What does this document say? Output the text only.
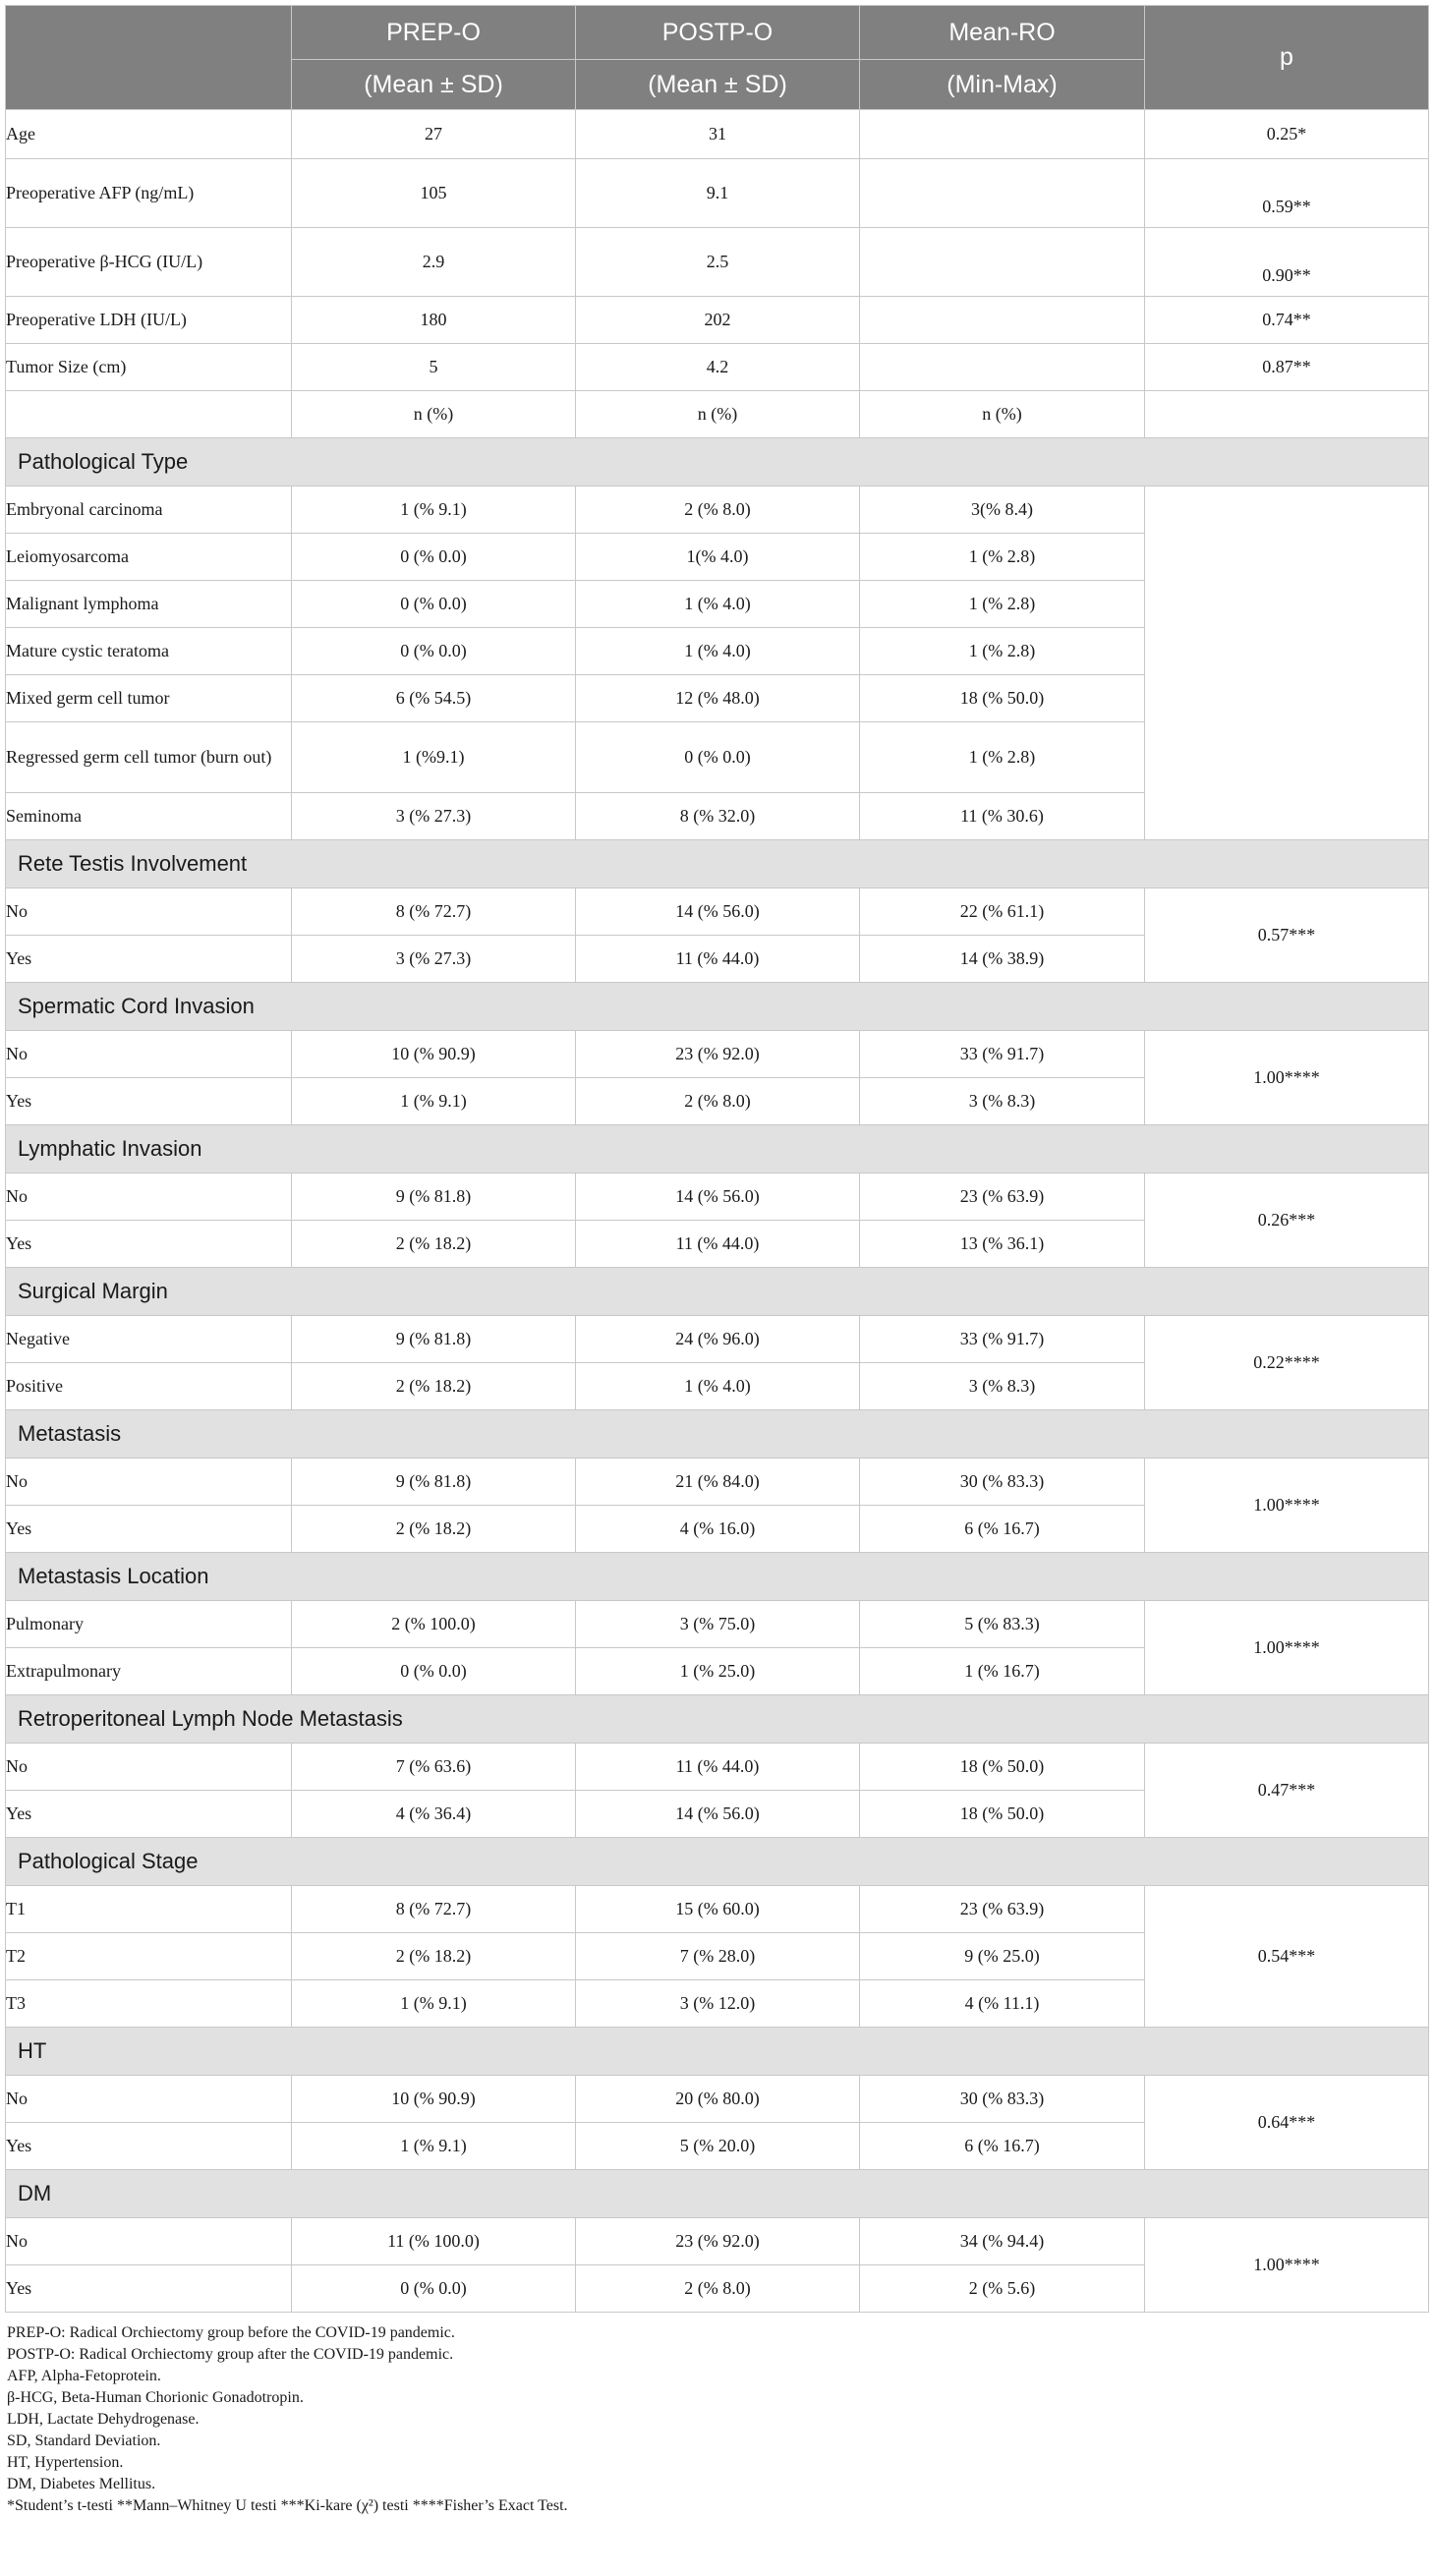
	PREP-O	POSTP-O	Mean-RO	p
	(Mean ± SD)	(Mean ± SD)	(Min-Max)	
Age	27	31		0.25*
Preoperative AFP (ng/mL)	105	9.1		0.59**
Preoperative β-HCG (IU/L)	2.9	2.5		0.90**
Preoperative LDH (IU/L)	180	202		0.74**
Tumor Size (cm)	5	4.2		0.87**
	n (%)	n (%)	n (%)	
Pathological Type				
Embryonal carcinoma	1 (% 9.1)	2 (% 8.0)	3(% 8.4)	
Leiomyosarcoma	0 (% 0.0)	1(% 4.0)	1 (% 2.8)	
Malignant lymphoma	0 (% 0.0)	1 (% 4.0)	1 (% 2.8)	
Mature cystic teratoma	0 (% 0.0)	1 (% 4.0)	1 (% 2.8)	
Mixed germ cell tumor	6 (% 54.5)	12 (% 48.0)	18 (% 50.0)	
Regressed germ cell tumor (burn out)	1 (%9.1)	0 (% 0.0)	1 (% 2.8)	
Seminoma	3 (% 27.3)	8 (% 32.0)	11 (% 30.6)	
Rete Testis Involvement				
No	8 (% 72.7)	14 (% 56.0)	22 (% 61.1)	0.57***
Yes	3 (% 27.3)	11 (% 44.0)	14 (% 38.9)	
Spermatic Cord Invasion				
No	10 (% 90.9)	23 (% 92.0)	33 (% 91.7)	1.00****
Yes	1 (% 9.1)	2 (% 8.0)	3 (% 8.3)	
Lymphatic Invasion				
No	9 (% 81.8)	14 (% 56.0)	23 (% 63.9)	0.26***
Yes	2 (% 18.2)	11 (% 44.0)	13 (% 36.1)	
Surgical Margin				
Negative	9 (% 81.8)	24 (% 96.0)	33 (% 91.7)	0.22****
Positive	2 (% 18.2)	1 (% 4.0)	3 (% 8.3)	
Metastasis				
No	9 (% 81.8)	21 (% 84.0)	30 (% 83.3)	1.00****
Yes	2 (% 18.2)	4 (% 16.0)	6 (% 16.7)	
Metastasis Location				
Pulmonary	2 (% 100.0)	3 (% 75.0)	5 (% 83.3)	1.00****
Extrapulmonary	0 (% 0.0)	1 (% 25.0)	1 (% 16.7)	
Retroperitoneal Lymph Node Metastasis				
No	7 (% 63.6)	11 (% 44.0)	18 (% 50.0)	0.47***
Yes	4 (% 36.4)	14 (% 56.0)	18 (% 50.0)	
Pathological Stage				
T1	8 (% 72.7)	15 (% 60.0)	23 (% 63.9)	0.54***
T2	2 (% 18.2)	7 (% 28.0)	9 (% 25.0)	
T3	1 (% 9.1)	3 (% 12.0)	4 (% 11.1)	
HT				
No	10 (% 90.9)	20 (% 80.0)	30 (% 83.3)	0.64***
Yes	1 (% 9.1)	5 (% 20.0)	6 (% 16.7)	
DM				
No	11 (% 100.0)	23 (% 92.0)	34 (% 94.4)	1.00****
Yes	0 (% 0.0)	2 (% 8.0)	2 (% 5.6)	
PREP-O: Radical Orchiectomy group before the COVID-19 pandemic.
POSTP-O: Radical Orchiectomy group after the COVID-19 pandemic.
AFP, Alpha-Fetoprotein.
β-HCG, Beta-Human Chorionic Gonadotropin.
LDH, Lactate Dehydrogenase.
SD, Standard Deviation.
HT, Hypertension.
DM, Diabetes Mellitus.
*Student’s t-testi **Mann–Whitney U testi ***Ki-kare (χ²) testi ****Fisher’s Exact Test.
